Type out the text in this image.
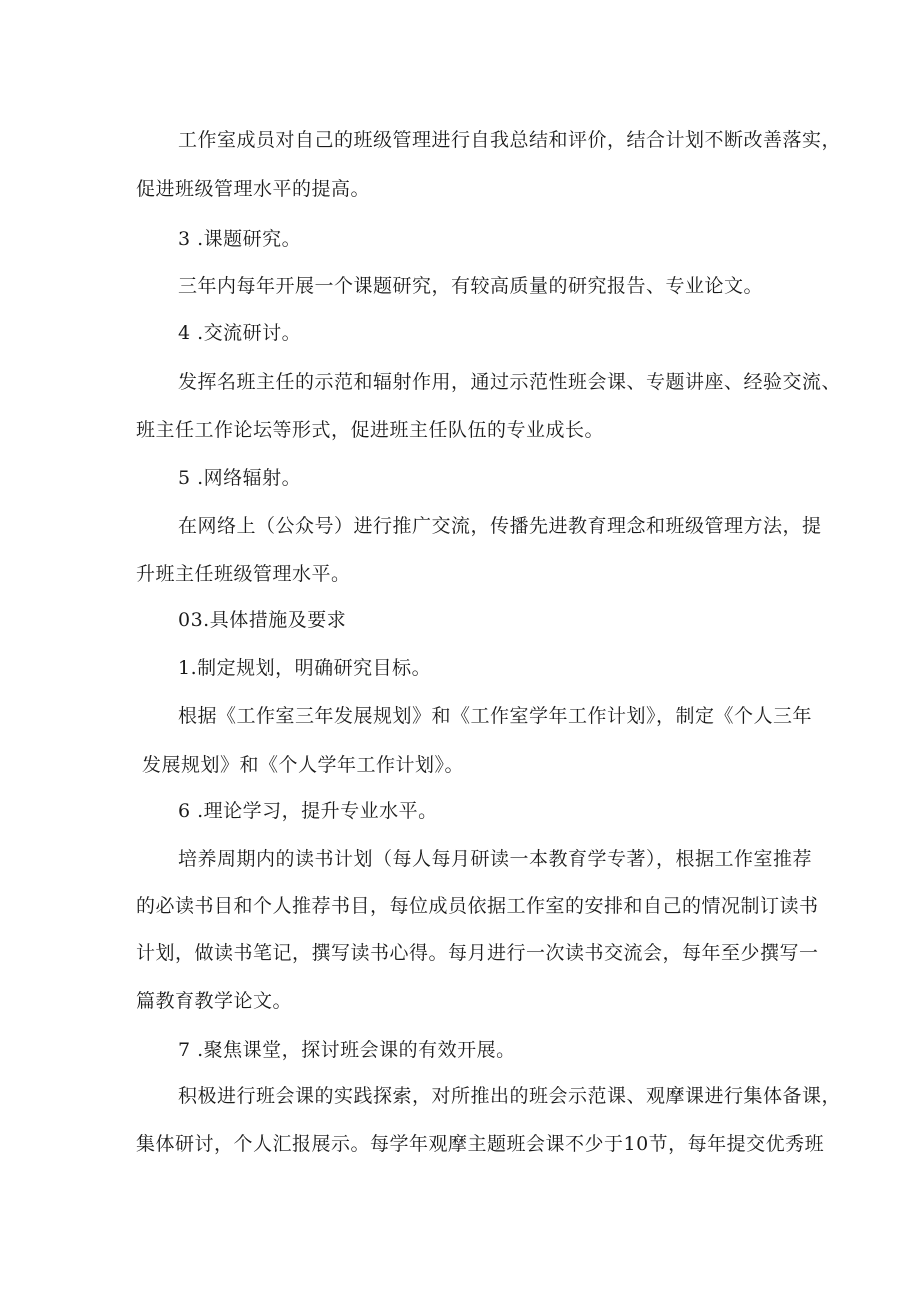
工作室成员对自己的班级管理进行自我总结和评价，结合计划不断改善落实，
促进班级管理水平的提高。
3 .课题研究。
三年内每年开展一个课题研究，有较高质量的研究报告、专业论文。
4 .交流研讨。
发挥名班主任的示范和辐射作用，通过示范性班会课、专题讲座、经验交流、
班主任工作论坛等形式，促进班主任队伍的专业成长。
5 .网络辐射。
在网络上（公众号）进行推广交流，传播先进教育理念和班级管理方法，提
升班主任班级管理水平。
03.具体措施及要求
1.制定规划，明确研究目标。
根据《工作室三年发展规划》和《工作室学年工作计划》，制定《个人三年
发展规划》和《个人学年工作计划》。
6 .理论学习，提升专业水平。
培养周期内的读书计划（每人每月研读一本教育学专著），根据工作室推荐
的必读书目和个人推荐书目，每位成员依据工作室的安排和自己的情况制订读书
计划，做读书笔记，撰写读书心得。每月进行一次读书交流会，每年至少撰写一
篇教育教学论文。
7 .聚焦课堂，探讨班会课的有效开展。
积极进行班会课的实践探索，对所推出的班会示范课、观摩课进行集体备课，
集体研讨，个人汇报展示。每学年观摩主题班会课不少于10节，每年提交优秀班
